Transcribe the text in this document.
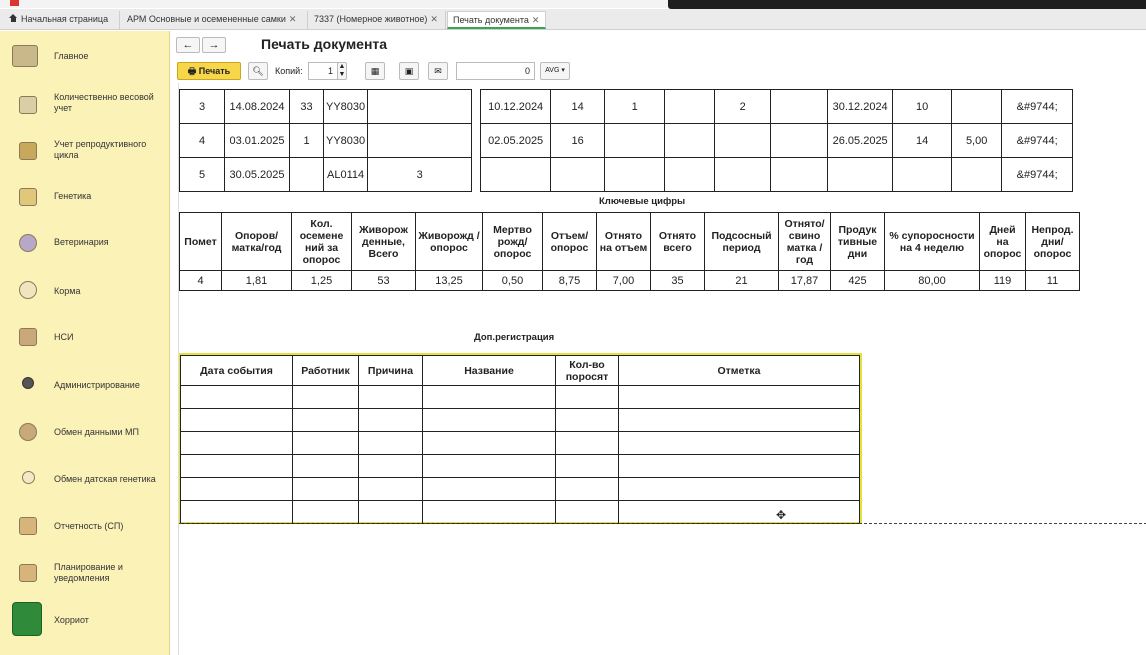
Начальная страница	АРМ Основные и осемененные самки ✕	7337 (Номерное животное) ✕	Печать документа ✕
Главное
Количественно весовой учет
Учет репродуктивного цикла
Генетика
Ветеринария
Корма
НСИ
Администрирование
Обмен данными МП
Обмен датская генетика
Отчетность (СП)
Планирование и уведомления
Хорриот
←	→	Печать документа
🖶 Печать	🔍︎	Копий:	1 ▲
▼	▦	▣	✉	0	AVG ▾
3	14.08.2024	33	YY8030			10.12.2024	14	1		2		30.12.2024	10		&#9744;
4	03.01.2025	1	YY8030			02.05.2025	16					26.05.2025	14	5,00	&#9744;
5	30.05.2025		AL0114	3											&#9744;
Ключевые цифры
Помет	Опоров/ матка/год	Кол. осемене ний за опорос	Живорож денные, Всего	Живорожд /опорос	Мертво рожд/ опорос	Отъем/ опорос	Отнято на отъем	Отнято всего	Подсосный период	Отнято/ свино матка /год	Продук тивные дни	% супоросности на 4 неделю	Дней на опорос	Непрод. дни/ опорос
4	1,81	1,25	53	13,25	0,50	8,75	7,00	35	21	17,87	425	80,00	119	11
Доп.регистрация
Дата события	Работник	Причина	Название	Кол-во поросят	Отметка

✥
